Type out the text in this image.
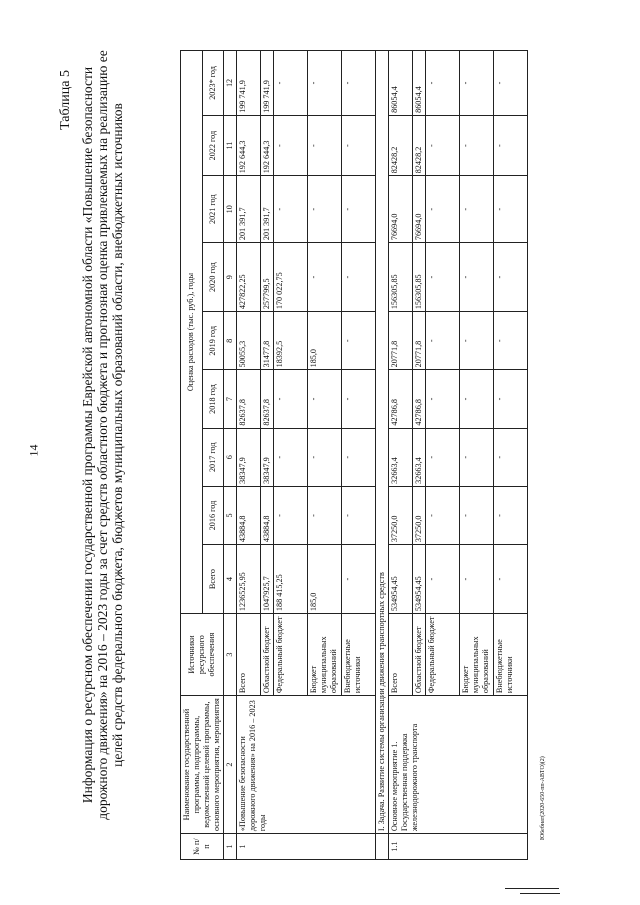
14
Ю6ебнат(2020-650-пп-АВТО)(2)
Таблица 5 Информация о ресурсном обеспечении государственной программы Еврейской автономной области «Повышение безопасности дорожного движения» на 2016 – 2023 годы за счет средств областного бюджета и прогнозная оценка привлекаемых на реализацию ее целей средств федерального бюджета, бюджетов муниципальных образований области, внебюджетных источников
№ п/п	Наименование государственной программы, подпрограммы, ведомственной целевой программы, основного мероприятия, мероприятия	Источники ресурсного обеспечения	Оценка расходов (тыс. руб.), годы								
			Всего	2016 год	2017 год	2018 год	2019 год	2020 год	2021 год	2022 год	2023* год
1	2	3	4	5	6	7	8	9	10	11	12
1	«Повышение безопасности дорожного движения» на 2016 – 2023 годы	Всего	1236525,95	43884,8	38347,9	82637,8	50055,3	427822,25	201 391,7	192 644,3	199 741,9
		Областной бюджет	1047925,7	43884,8	38347,9	82637,8	31477,8	257799,5	201 391,7	192 644,3	199 741,9
		Федеральный бюджет	188 415,25	-	-	-	18392,5	170 022,75	-	-	-
		Бюджет муниципальных образований	185,0	-	-	-	185,0	-	-	-	-
		Внебюджетные источники	-	-	-	-	-	-	-	-	-
	I. Задача. Развитие системы организации движения транспортных средств										
1.1	Основное мероприятие 1. Государственная поддержка железнодорожного транспорта	Всего	534954,45	37250,0	32663,4	42786,8	20771,8	156305,85	76694,0	82428,2	86054,4
		Областной бюджет	534954,45	37250,0	32663,4	42786,8	20771,8	156305,85	76694,0	82428,2	86054,4
		Федеральный бюджет	-	-	-	-	-	-	-	-	-
		Бюджет муниципальных образований	-	-	-	-	-	-	-	-	-
		Внебюджетные источники	-	-	-	-	-	-	-	-	-
